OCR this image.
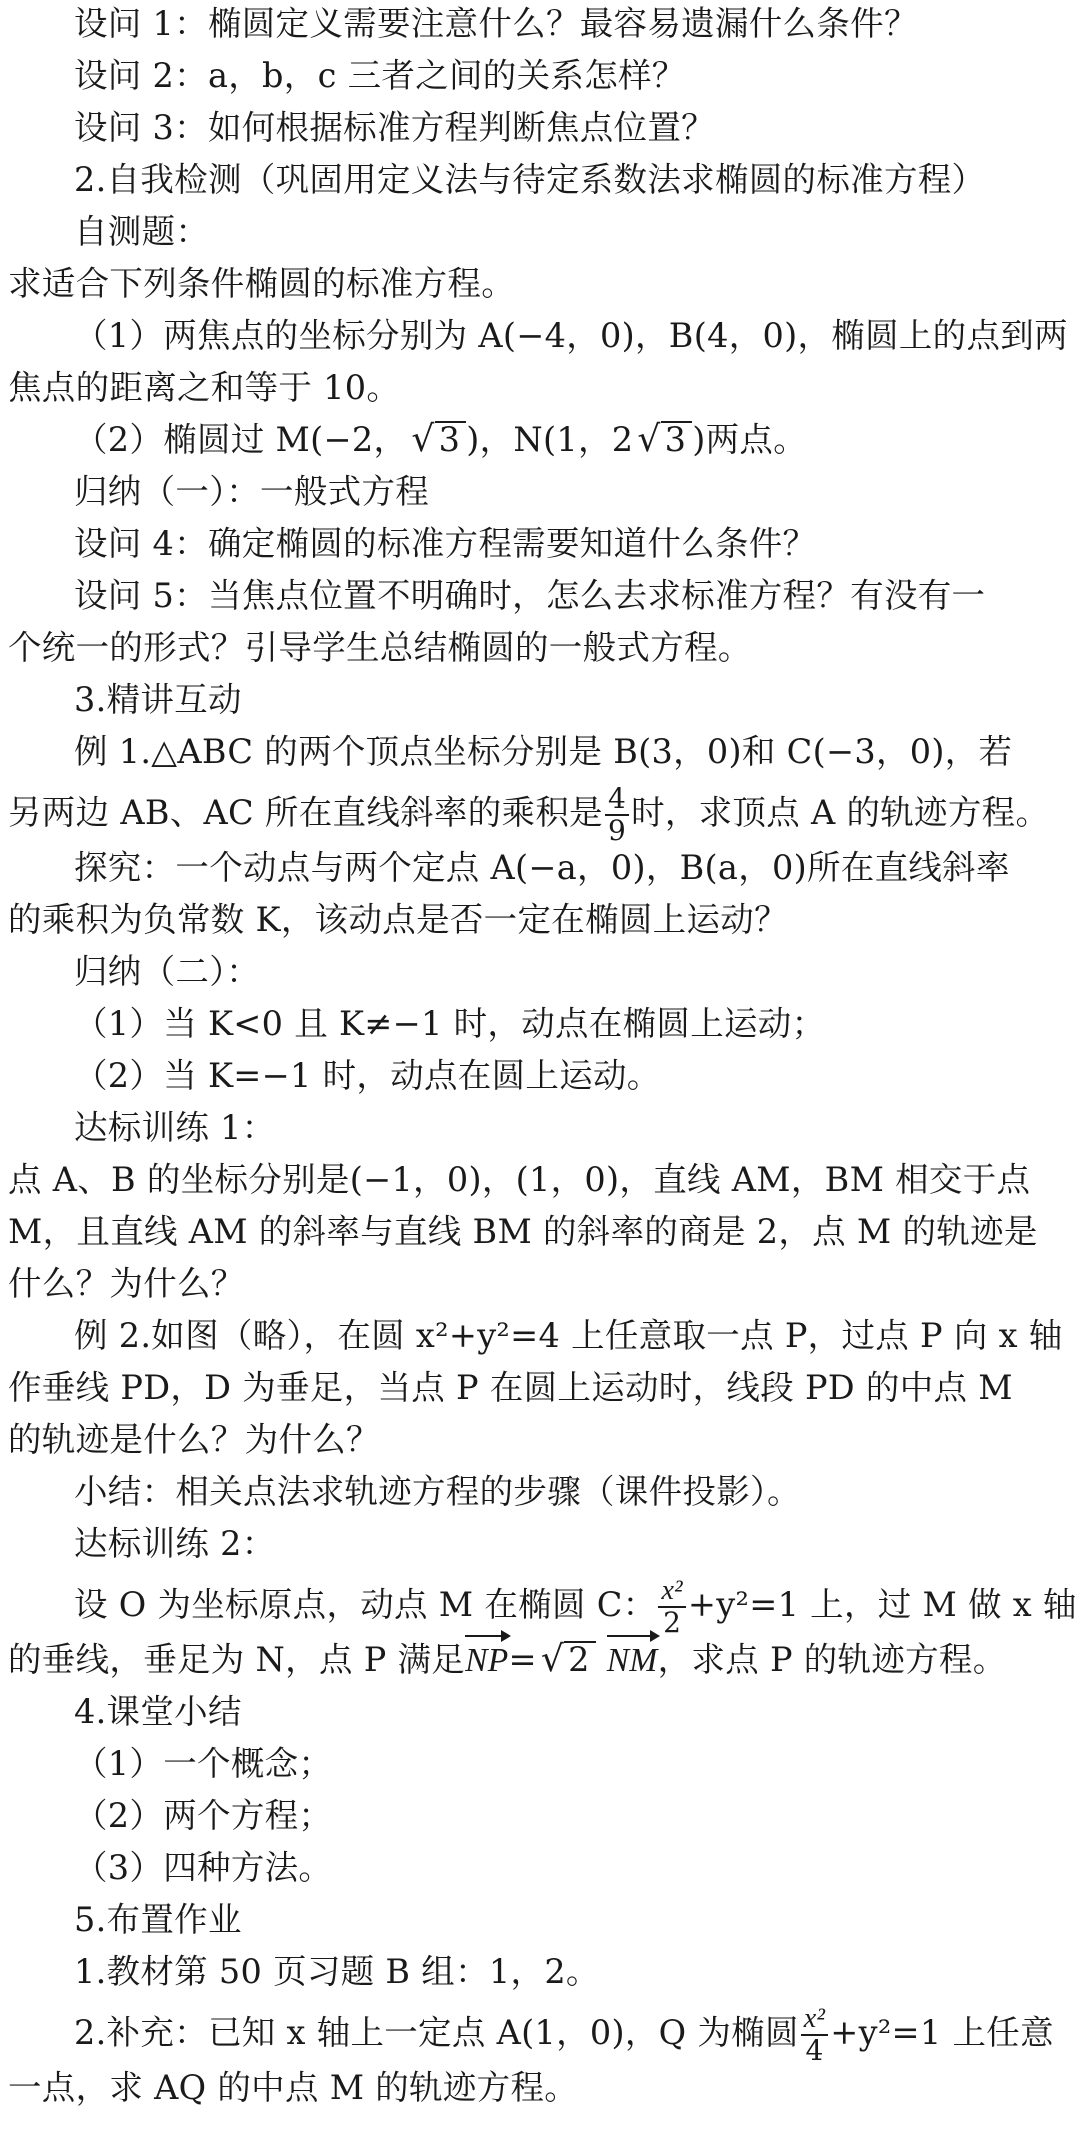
设问 1：椭圆定义需要注意什么？最容易遗漏什么条件？
设问 2：a，b，c 三者之间的关系怎样？
设问 3：如何根据标准方程判断焦点位置？
2.自我检测（巩固用定义法与待定系数法求椭圆的标准方程）
自测题：
求适合下列条件椭圆的标准方程。
（1）两焦点的坐标分别为 A(−4，0)，B(4，0)，椭圆上的点到两
焦点的距离之和等于 10。
（2）椭圆过 M(−2， √ 3 )，N(1，2 √ 3 )两点。
归纳（一）：一般式方程
设问 4：确定椭圆的标准方程需要知道什么条件？
设问 5：当焦点位置不明确时，怎么去求标准方程？有没有一
个统一的形式？引导学生总结椭圆的一般式方程。
3.精讲互动
例 1.△ABC 的两个顶点坐标分别是 B(3，0)和 C(−3，0)，若
另两边 AB、AC 所在直线斜率的乘积是 $\frac{4}{9}$ 时，求顶点 A 的轨迹方程。
探究：一个动点与两个定点 A(−a，0)，B(a，0)所在直线斜率
的乘积为负常数 K，该动点是否一定在椭圆上运动？
归纳（二）：
（1）当 K<0 且 K≠−1 时，动点在椭圆上运动；
（2）当 K=−1 时，动点在圆上运动。
达标训练 1：
点 A、B 的坐标分别是(−1，0)，(1，0)，直线 AM，BM 相交于点
M，且直线 AM 的斜率与直线 BM 的斜率的商是 2，点 M 的轨迹是
什么？为什么？
例 2.如图（略），在圆 x²+y²=4 上任意取一点 P，过点 P 向 x 轴
作垂线 PD，D 为垂足，当点 P 在圆上运动时，线段 PD 的中点 M
的轨迹是什么？为什么？
小结：相关点法求轨迹方程的步骤（课件投影）。
达标训练 2：
设 O 为坐标原点，动点 M 在椭圆 C： $\frac{\text{x²}}{2} +y^2=1$ 上，过 M 做 x 轴
的垂线，垂足为 N，点 P 满足
NP= √ 2 NM，求点 P 的轨迹方程。
4.课堂小结
（1）一个概念；
（2）两个方程；
（3）四种方法。
5.布置作业
1.教材第 50 页习题 B 组：1，2。
2.补充：已知 x 轴上一定点 A(1，0)，Q 为椭圆 $\frac{\text{x²}}{4} +y^2=1$ 上任意
一点，求 AQ 的中点 M 的轨迹方程。
